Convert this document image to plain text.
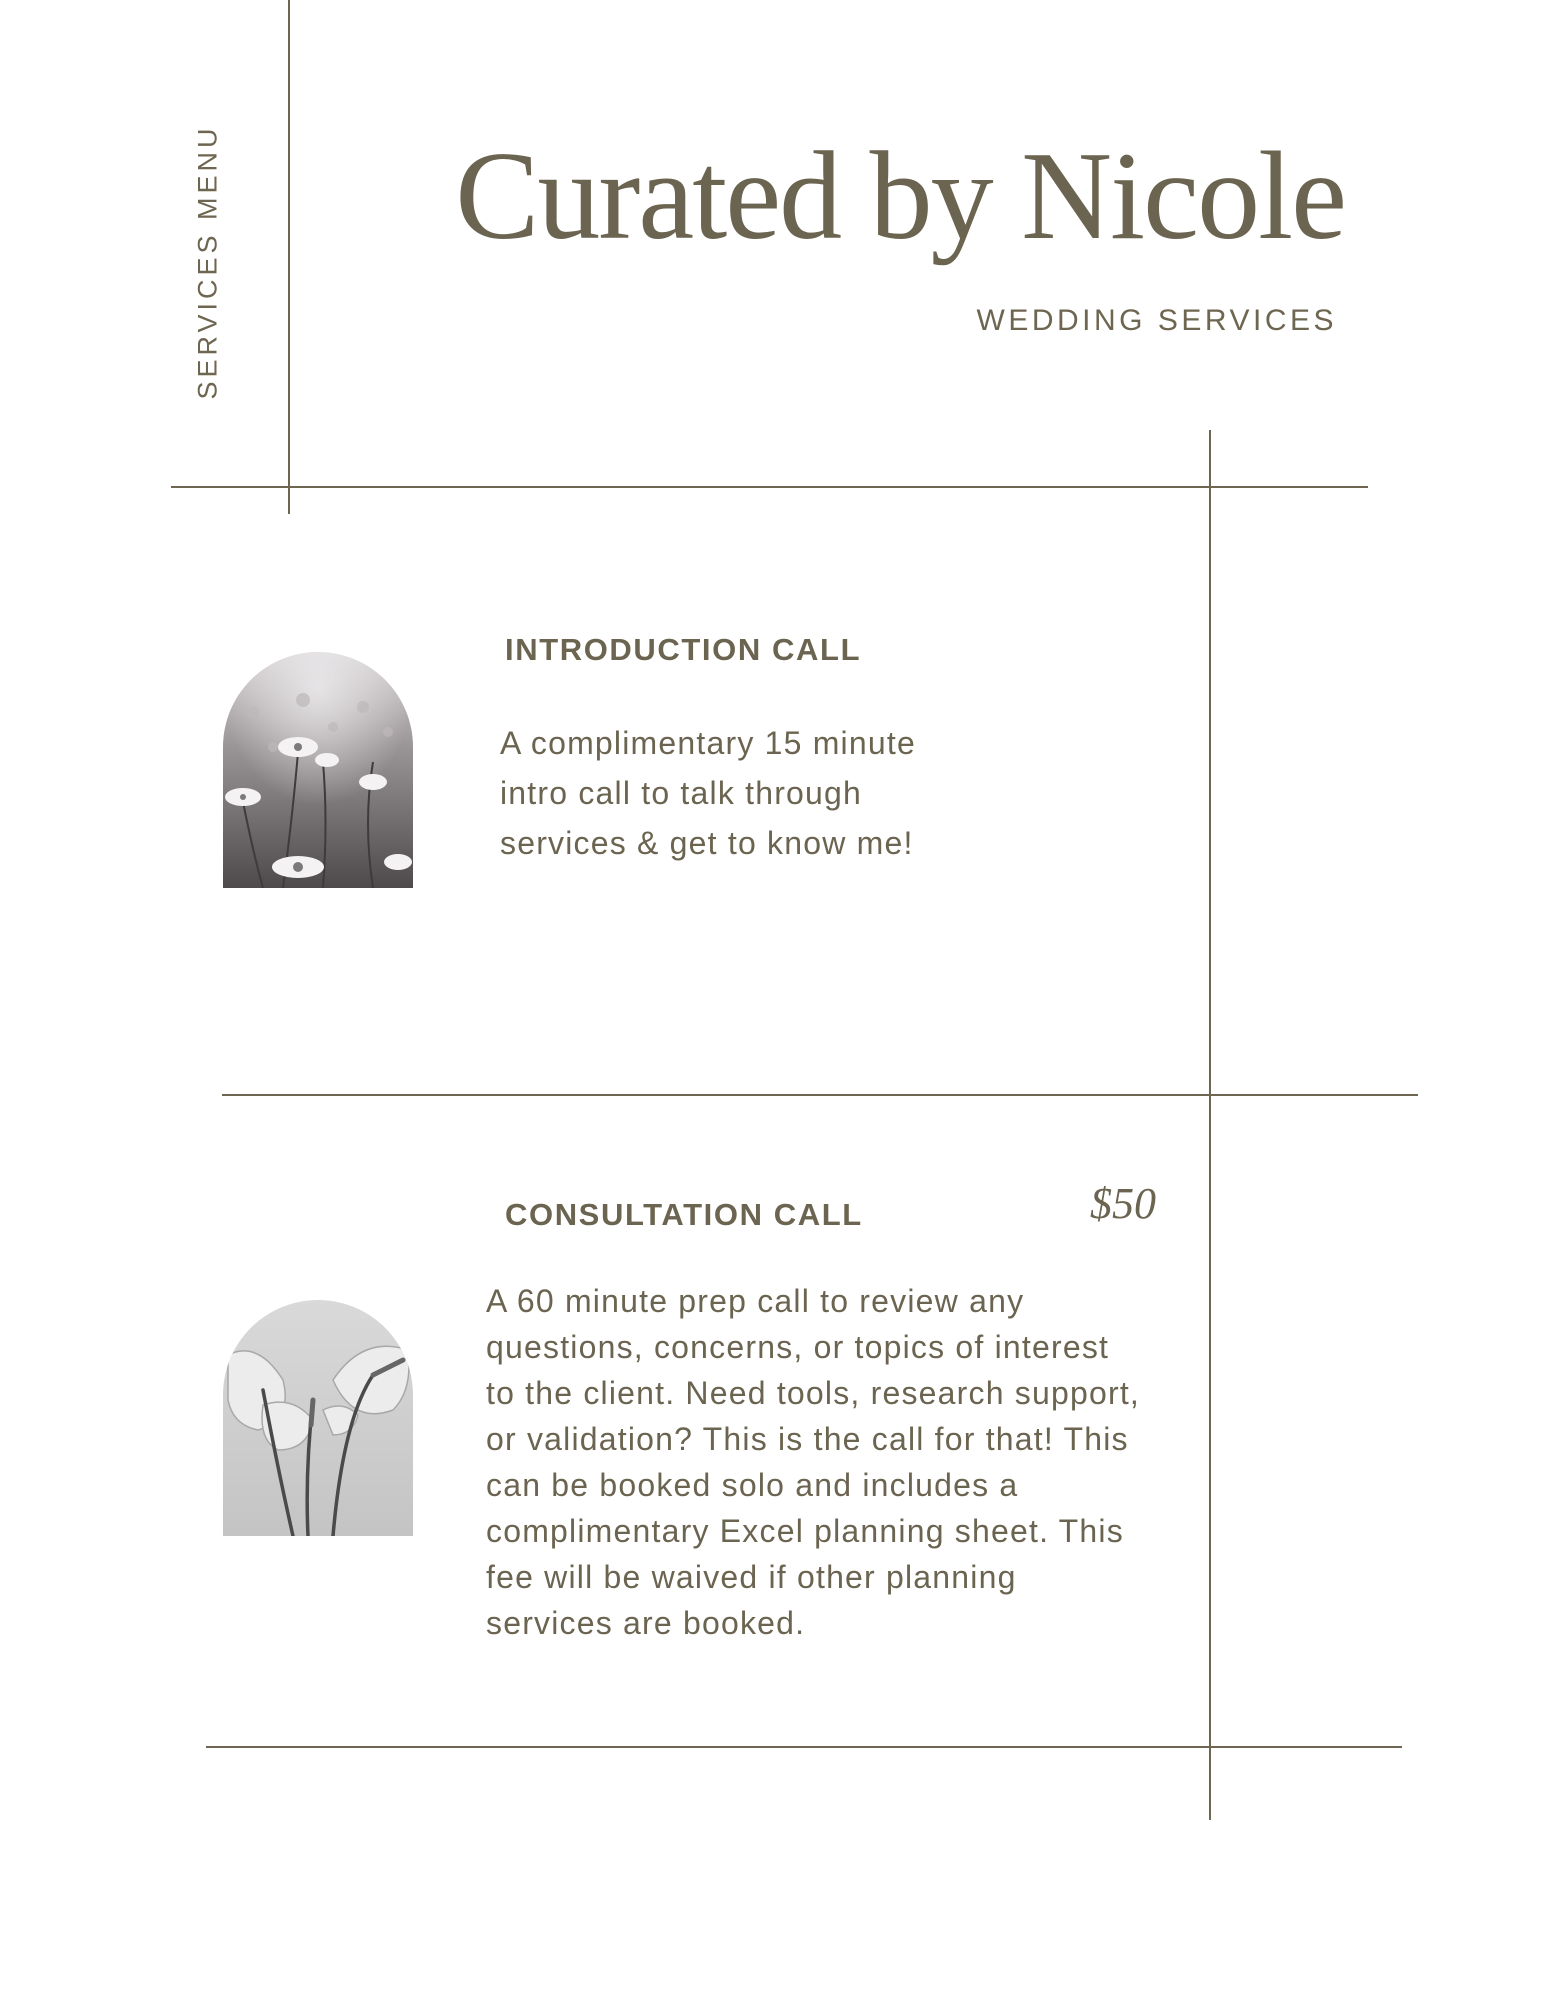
SERVICES MENU Curated by Nicole
WEDDING SERVICES
INTRODUCTION CALL

A complimentary 15 minute intro call to talk through services & get to know me!

CONSULTATION CALL	$50

A 60 minute prep call to review any questions, concerns, or topics of interest to the client. Need tools, research support, or validation? This is the call for that! This can be booked solo and includes a complimentary Excel planning sheet. This fee will be waived if other planning services are booked.
